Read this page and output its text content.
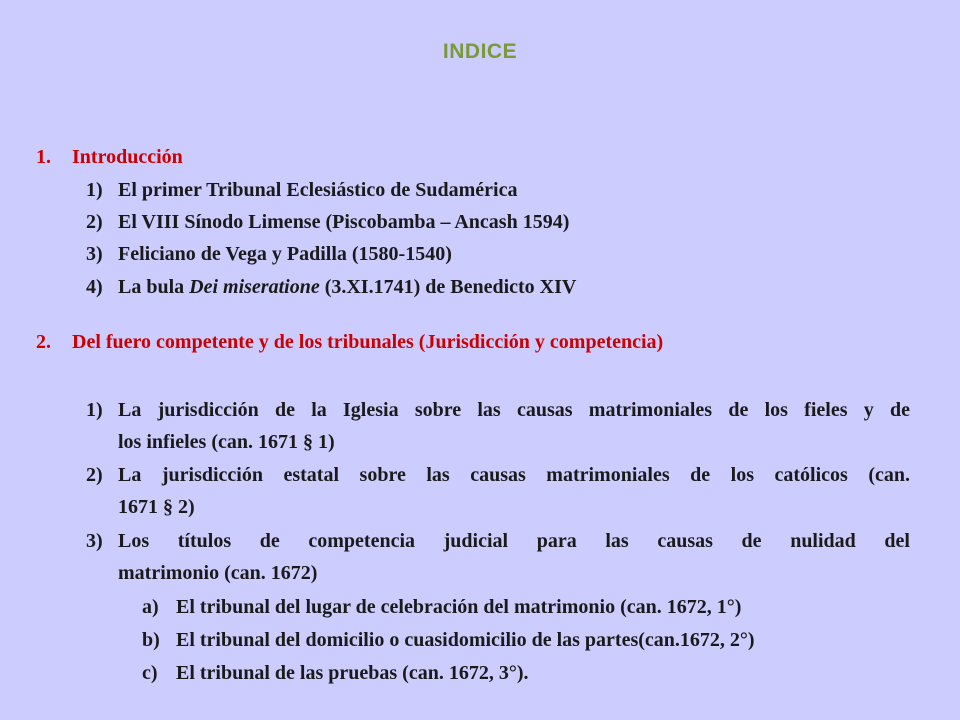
INDICE
1. Introducción
1) El primer Tribunal Eclesiástico de Sudamérica
2) El VIII Sínodo Limense (Piscobamba – Ancash 1594)
3) Feliciano de Vega y Padilla (1580-1540)
4) La bula Dei miseratione (3.XI.1741) de Benedicto XIV
2. Del fuero competente y de los tribunales (Jurisdicción y competencia)
1) La jurisdicción de la Iglesia sobre las causas matrimoniales de los fieles y de
los infieles (can. 1671 § 1)
2) La jurisdicción estatal sobre las causas matrimoniales de los católicos (can.
1671 § 2)
3) Los títulos de competencia judicial para las causas de nulidad del
matrimonio (can. 1672)
a) El tribunal del lugar de celebración del matrimonio (can. 1672, 1°)
b) El tribunal del domicilio o cuasidomicilio de las partes(can.1672, 2°)
c) El tribunal de las pruebas (can. 1672, 3°).
